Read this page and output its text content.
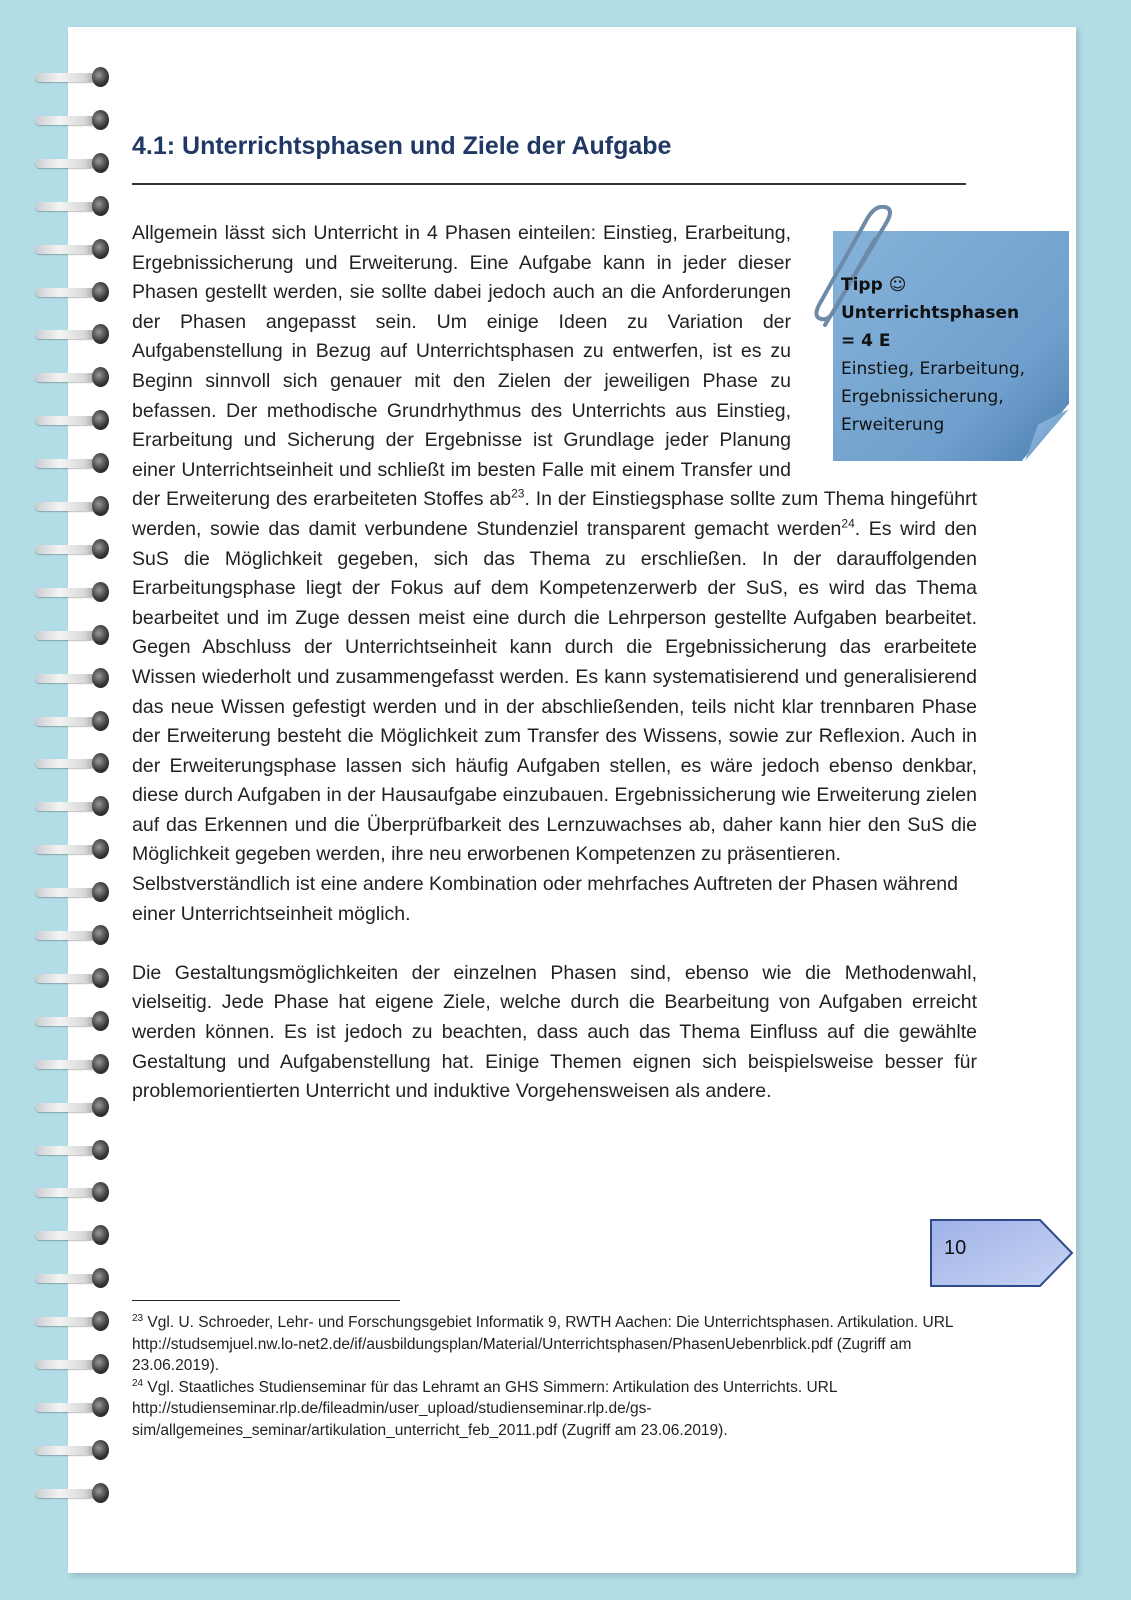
4.1: Unterrichtsphasen und Ziele der Aufgabe
Tipp ☺
Unterrichtsphasen
= 4 E
Einstieg, Erarbeitung,
Ergebnissicherung,
Erweiterung

Allgemein lässt sich Unterricht in 4 Phasen einteilen: Einstieg, Erarbeitung, Ergebnissicherung und Erweiterung. Eine Aufgabe kann in jeder dieser Phasen gestellt werden, sie sollte dabei jedoch auch an die Anforderungen der Phasen angepasst sein. Um einige Ideen zu Variation der Aufgabenstellung in Bezug auf Unterrichtsphasen zu entwerfen, ist es zu Beginn sinnvoll sich genauer mit den Zielen der jeweiligen Phase zu befassen. Der methodische Grundrhythmus des Unterrichts aus Einstieg, Erarbeitung und Sicherung der Ergebnisse ist Grundlage jeder Planung einer Unterrichtseinheit und schließt im besten Falle mit einem Transfer und der Erweiterung des erarbeiteten Stoffes $ab^{23}$. In der Einstiegsphase sollte zum Thema hingeführt werden, sowie das damit verbundene Stundenziel transparent gemacht werden$^{24}$. Es wird den SuS die Möglichkeit gegeben, sich das Thema zu erschließen. In der darauffolgenden Erarbeitungsphase liegt der Fokus auf dem Kompetenzerwerb der SuS, es wird das Thema bearbeitet und im Zuge dessen meist eine durch die Lehrperson gestellte Aufgaben bearbeitet. Gegen Abschluss der Unterrichtseinheit kann durch die Ergebnissicherung das erarbeitete Wissen wiederholt und zusammengefasst werden. Es kann systematisierend und generalisierend das neue Wissen gefestigt werden und in der abschließenden, teils nicht klar trennbaren Phase der Erweiterung besteht die Möglichkeit zum Transfer des Wissens, sowie zur Reflexion. Auch in der Erweiterungsphase lassen sich häufig Aufgaben stellen, es wäre jedoch ebenso denkbar, diese durch Aufgaben in der Hausaufgabe einzubauen. Ergebnissicherung wie Erweiterung zielen auf das Erkennen und die Überprüfbarkeit des Lernzuwachses ab, daher kann hier den SuS die Möglichkeit gegeben werden, ihre neu erworbenen Kompetenzen zu präsentieren.

Selbstverständlich ist eine andere Kombination oder mehrfaches Auftreten der Phasen während einer Unterrichtseinheit möglich.

Die Gestaltungsmöglichkeiten der einzelnen Phasen sind, ebenso wie die Methodenwahl, vielseitig. Jede Phase hat eigene Ziele, welche durch die Bearbeitung von Aufgaben erreicht werden können. Es ist jedoch zu beachten, dass auch das Thema Einfluss auf die gewählte Gestaltung und Aufgabenstellung hat. Einige Themen eignen sich beispielsweise besser für problemorientierten Unterricht und induktive Vorgehensweisen als andere.

10

$^{23}$ Vgl. U. Schroeder, Lehr- und Forschungsgebiet Informatik 9, RWTH Aachen: Die Unterrichtsphasen. Artikulation. URL http://studsemjuel.nw.lo-net2.de/if/ausbildungsplan/Material/Unterrichtsphasen/PhasenUebenrblick.pdf (Zugriff am 23.06.2019).

$^{24}$ Vgl. Staatliches Studienseminar für das Lehramt an GHS Simmern: Artikulation des Unterrichts. URL http://studienseminar.rlp.de/fileadmin/user_upload/studienseminar.rlp.de/gs-sim/allgemeines_seminar/artikulation_unterricht_feb_2011.pdf (Zugriff am 23.06.2019).
